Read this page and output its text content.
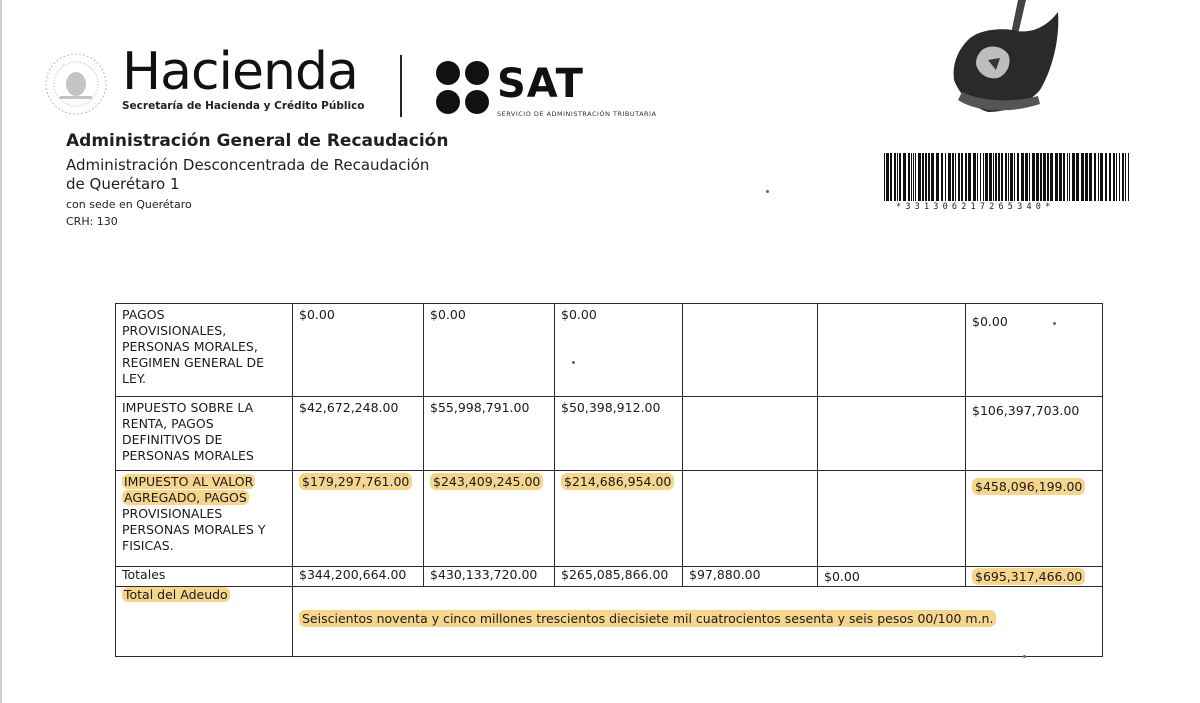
Hacienda
Secretaría de Hacienda y Crédito Público	SAT
SERVICIO DE ADMINISTRACIÓN TRIBUTARIA
Administración General de Recaudación
Administración Desconcentrada de Recaudación
de Querétaro 1
con sede en Querétaro
CRH: 130
*331306217265340*
PAGOS
PROVISIONALES,
PERSONAS MORALES,
REGIMEN GENERAL DE
LEY.	$0.00	$0.00	$0.00			$0.00

IMPUESTO SOBRE LA
RENTA, PAGOS
DEFINITIVOS DE
PERSONAS MORALES	$42,672,248.00	$55,998,791.00	$50,398,912.00			$106,397,703.00

IMPUESTO AL VALOR
AGREGADO, PAGOS
PROVISIONALES
PERSONAS MORALES Y
FISICAS.	$179,297,761.00	$243,409,245.00	$214,686,954.00			$458,096,199.00
Totales	$344,200,664.00	$430,133,720.00	$265,085,866.00	$97,880.00	$0.00	$695,317,466.00
Total del Adeudo	Seiscientos noventa y cinco millones trescientos diecisiete mil cuatrocientos sesenta y seis pesos 00/100 m.n.					
